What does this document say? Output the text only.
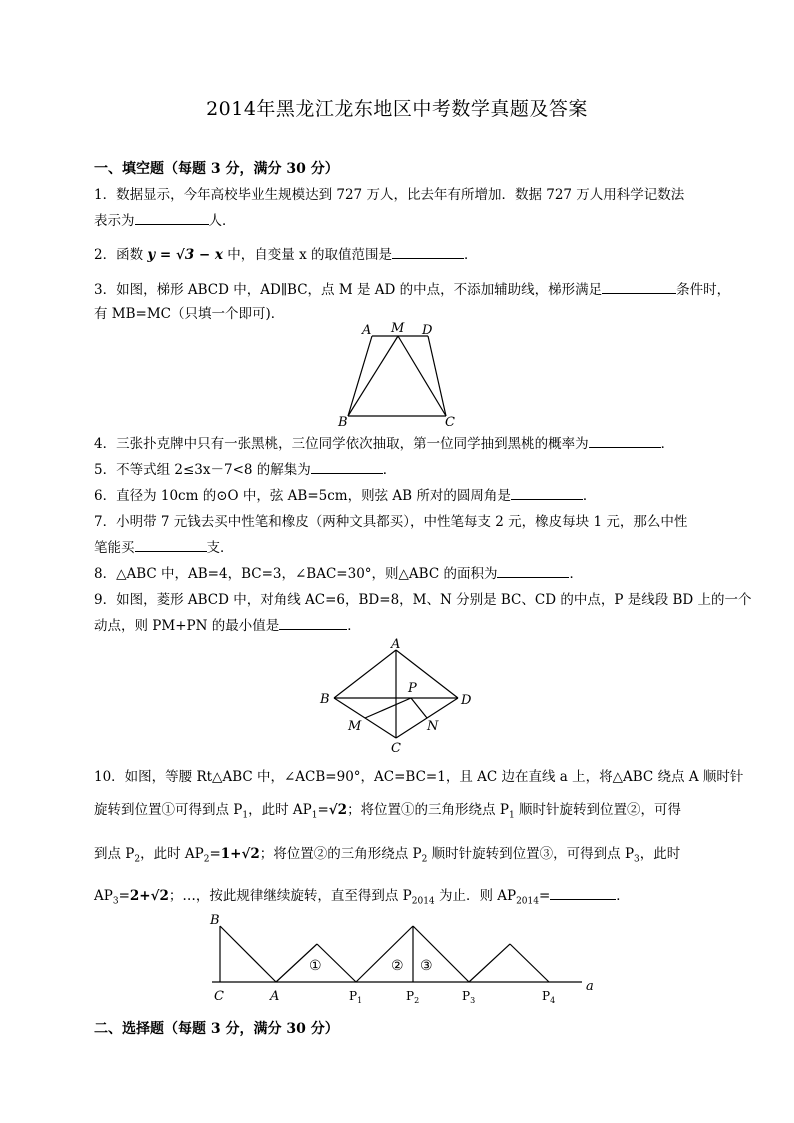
2014年黑龙江龙东地区中考数学真题及答案
一、填空题（每题 3 分，满分 30 分）
1．数据显示，今年高校毕业生规模达到 727 万人，比去年有所增加．数据 727 万人用科学记数法
表示为	人．
2．函数 y = √3 − x 中，自变量 x 的取值范围是	．
3．如图，梯形 ABCD 中，AD∥BC，点 M 是 AD 的中点，不添加辅助线，梯形满足	条件时，
有 MB=MC（只填一个即可)．
A M D
B	C
4．三张扑克牌中只有一张黑桃，三位同学依次抽取，第一位同学抽到黑桃的概率为	．
5．不等式组 2≤3x－7<8 的解集为	．
6．直径为 10cm 的⊙O 中，弦 AB=5cm，则弦 AB 所对的圆周角是	．
7．小明带 7 元钱去买中性笔和橡皮（两种文具都买），中性笔每支 2 元，橡皮每块 1 元，那么中性
笔能买	支．
8．△ABC 中，AB=4，BC=3，∠BAC=30°，则△ABC 的面积为	．
9．如图，菱形 ABCD 中，对角线 AC=6，BD=8，M、N 分别是 BC、CD 的中点，P 是线段 BD 上的一个
动点，则 PM+PN 的最小值是	．
A
B	D
C
P
M	N
10．如图，等腰 Rt△ABC 中，∠ACB=90°，AC=BC=1，且 AC 边在直线 a 上，将△ABC 绕点 A 顺时针
旋转到位置①可得到点 $P_1$，此时 $AP_1=√2$；将位置①的三角形绕点 $P_1$ 顺时针旋转到位置②，可得
到点 $P_2$，此时 $AP_2=1+√2$；将位置②的三角形绕点 $P_2$ 顺时针旋转到位置③，可得到点 $P_3$，此时
$AP_3=2+√2$；…，按此规律继续旋转，直至得到点 $P_{2014}$ 为止．则 $AP_{2014}=$	．
B
C	A
a
①	② ③
$P_1$	$P_2$	$P_3$	$P_4$
二、选择题（每题 3 分，满分 30 分）
